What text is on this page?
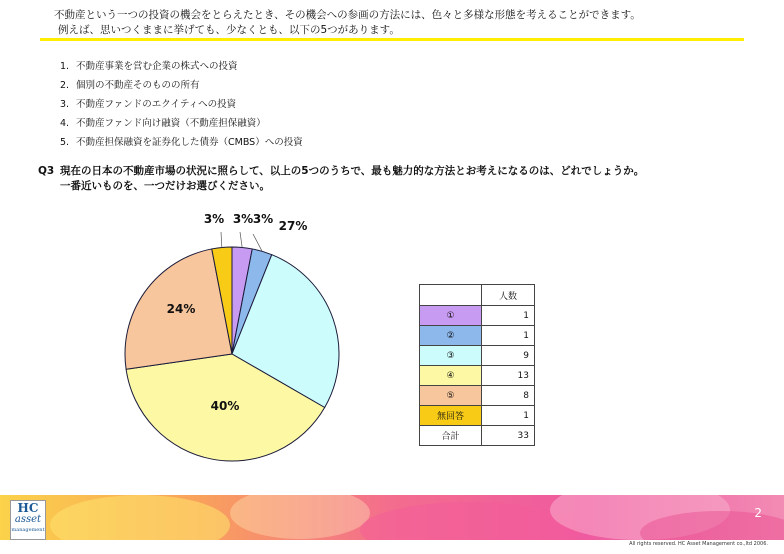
不動産という一つの投資の機会をとらえたとき、その機会への参画の方法には、色々と多様な形態を考えることができます。
例えば、思いつくままに挙げても、少なくとも、以下の5つがあります。
1. 不動産事業を営む企業の株式への投資
2. 個別の不動産そのものの所有
3. 不動産ファンドのエクイティへの投資
4. 不動産ファンド向け融資（不動産担保融資）
5. 不動産担保融資を証券化した債券（CMBS）への投資
Q3 現在の日本の不動産市場の状況に照らして、以上の5つのうちで、最も魅力的な方法とお考えになるのは、どれでしょうか。
一番近いものを、一つだけお選びください。
3% 3% 27%
40%
24%
3%
	人数
①	1
②	1
③	9
④	13
⑤	8
無回答	1
合計	33
HC
asset
management
2
All rights reserved. HC Asset Management co.,ltd 2006.
